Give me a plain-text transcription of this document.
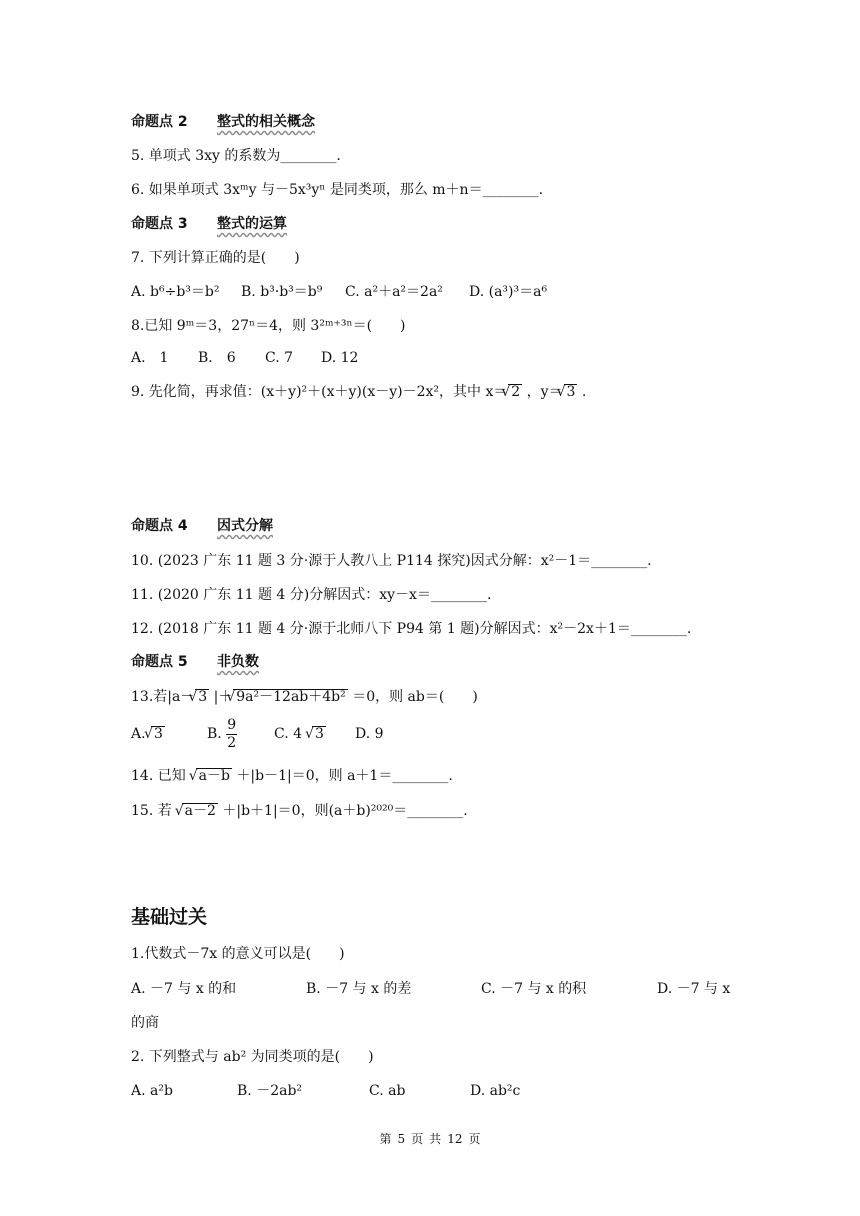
命题点 2 整式的相关概念
5. 单项式 3xy 的系数为________.
6. 如果单项式 3xᵐy 与－5x³yⁿ 是同类项，那么 m＋n＝________.
命题点 3 整式的运算
7. 下列计算正确的是(　　)
A. b⁶÷b³＝b² B. b³·b³＝b⁹ C. a²＋a²＝2a² D. (a³)³＝a⁶
8.已知 9ᵐ＝3，27ⁿ＝4，则 3²ᵐ⁺³ⁿ＝(　　)
A.　1 B.　6 C. 7 D. 12
9. 先化简，再求值：(x＋y)²＋(x＋y)(x－y)－2x²，其中 x＝ √ 2 ，y＝ √ 3 .
命题点 4 因式分解
10. (2023 广东 11 题 3 分·源于人教八上 P114 探究)因式分解：x²－1＝________.
11. (2020 广东 11 题 4 分)分解因式：xy－x＝________.
12. (2018 广东 11 题 4 分·源于北师八下 P94 第 1 题)分解因式：x²－2x＋1＝________.
命题点 5 非负数
13.若|a－ √ 3 |＋ √ 9a²－12ab＋4b² ＝0，则 ab＝(　　)
A. √ 3	B. $\frac{9}{2}$	C. 4 √ 3 D. 9
14. 已知 √ a－b ＋|b－1|＝0，则 a＋1＝________.
15. 若 √ a－2 ＋|b＋1|＝0，则(a＋b)²⁰²⁰＝________.
基础过关
1.代数式－7x 的意义可以是(　　)
A. －7 与 x 的和	B. －7 与 x 的差	C. －7 与 x 的积	D. －7 与 x
的商
2. 下列整式与 ab² 为同类项的是(　　)
A. a²b	B. －2ab²	C. ab	D. ab²c
第 5 页 共 12 页
